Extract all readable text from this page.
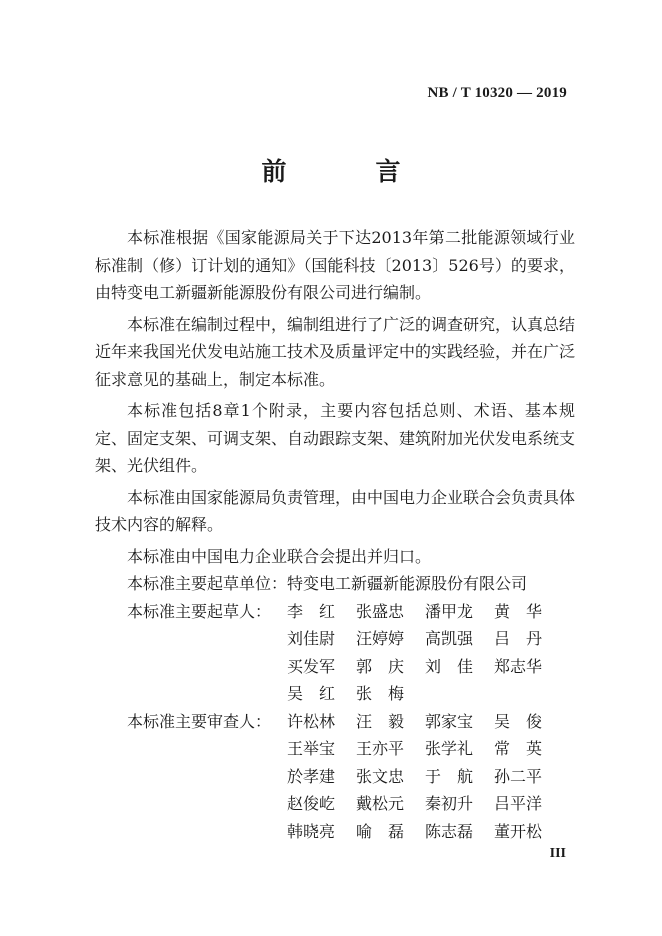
NB / T 10320 — 2019
前　言

本标准根据《国家能源局关于下达2013年第二批能源领域行业标准制（修）订计划的通知》（国能科技〔2013〕526号）的要求，由特变电工新疆新能源股份有限公司进行编制。

本标准在编制过程中，编制组进行了广泛的调查研究，认真总结近年来我国光伏发电站施工技术及质量评定中的实践经验，并在广泛征求意见的基础上，制定本标准。

本标准包括8章1个附录，主要内容包括总则、术语、基本规定、固定支架、可调支架、自动跟踪支架、建筑附加光伏发电系统支架、光伏组件。

本标准由国家能源局负责管理，由中国电力企业联合会负责具体技术内容的解释。

本标准由中国电力企业联合会提出并归口。

本标准主要起草单位：特变电工新疆新能源股份有限公司

本标准主要起草人： 李　红	张盛忠	潘甲龙	黄　华
刘佳尉	汪婷婷	高凯强	吕　丹
买发军	郭　庆	刘　佳	郑志华
吴　红	张　梅
本标准主要审查人： 许松林	汪　毅	郭家宝	吴　俊
王举宝	王亦平	张学礼	常　英
於孝建	张文忠	于　航	孙二平
赵俊屹	戴松元	秦初升	吕平洋
韩晓亮	喻　磊	陈志磊	董开松
III
